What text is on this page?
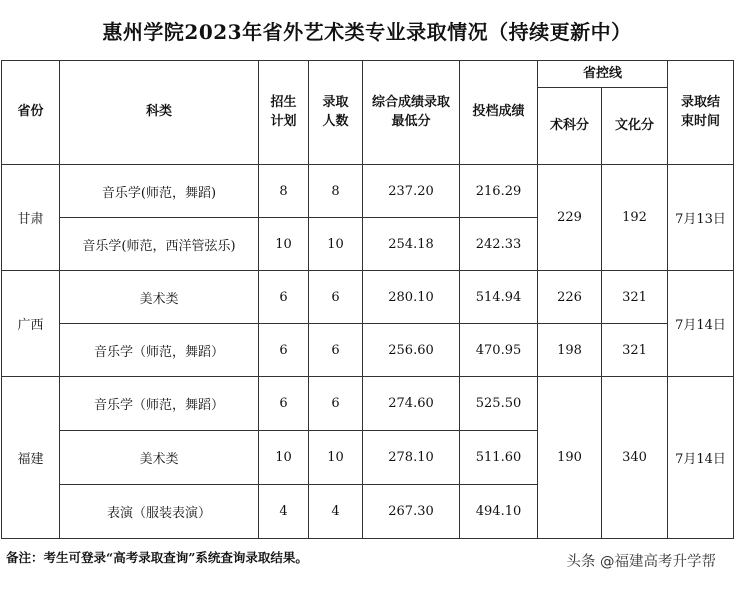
惠州学院2023年省外艺术类专业录取情况（持续更新中）
省份	科类	招生计划	录取人数	综合成绩录取最低分	投档成绩	省控线		录取结束时间

						术科分	文化分	
甘肃	音乐学(师范，舞蹈)	8	8	237.20	216.29	229	192	7月13日
	音乐学(师范，西洋管弦乐)	10	10	254.18	242.33			
广西	美术类	6	6	280.10	514.94	226	321	7月14日
	音乐学（师范，舞蹈）	6	6	256.60	470.95	198	321	
福建	音乐学（师范，舞蹈）	6	6	274.60	525.50	190	340	7月14日
	美术类	10	10	278.10	511.60			
	表演（服装表演）	4	4	267.30	494.10			
备注：考生可登录“高考录取查询”系统查询录取结果。	头条 @福建高考升学帮
